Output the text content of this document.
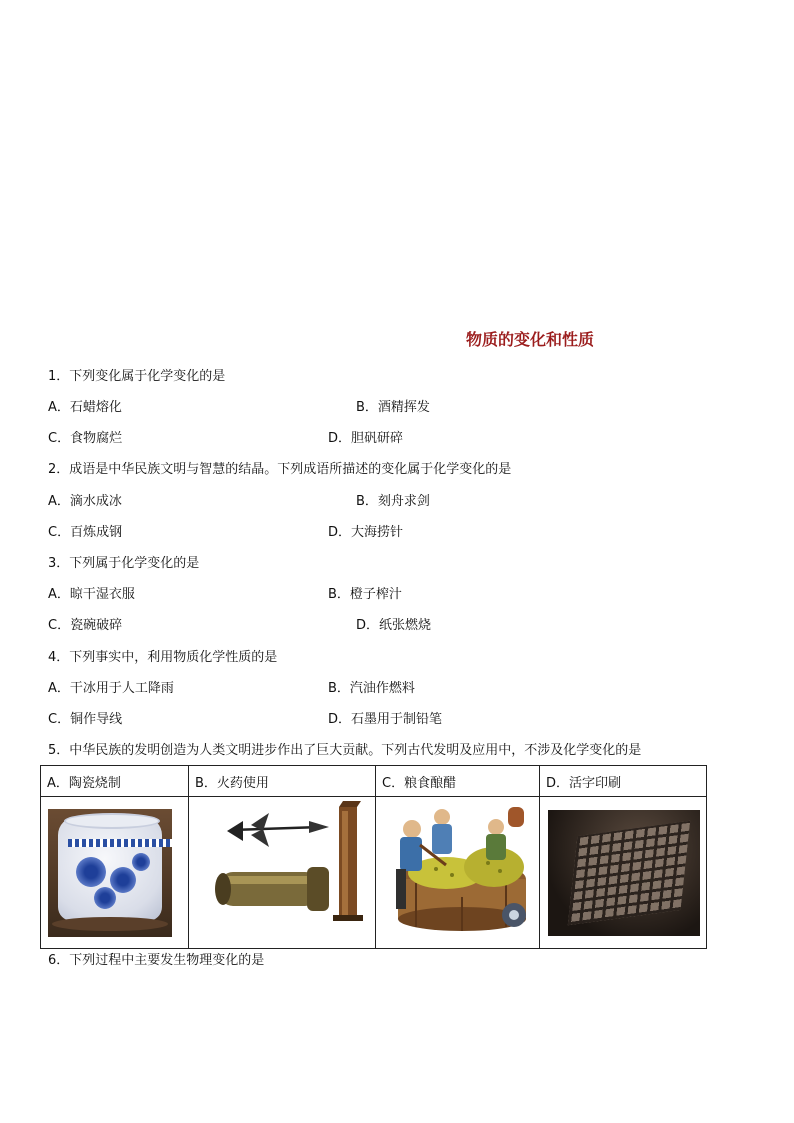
物质的变化和性质
1．下列变化属于化学变化的是
A．石蜡熔化	B．酒精挥发
C．食物腐烂	D．胆矾研碎
2．成语是中华民族文明与智慧的结晶。下列成语所描述的变化属于化学变化的是
A．滴水成冰	B．刻舟求剑
C．百炼成钢	D．大海捞针
3．下列属于化学变化的是
A．晾干湿衣服	B．橙子榨汁
C．瓷碗破碎	D．纸张燃烧
4．下列事实中，利用物质化学性质的是
A．干冰用于人工降雨	B．汽油作燃料
C．铜作导线	D．石墨用于制铅笔
5．中华民族的发明创造为人类文明进步作出了巨大贡献。下列古代发明及应用中，不涉及化学变化的是
A．陶瓷烧制	B．火药使用	C．粮食酿醋	D．活字印刷

6．下列过程中主要发生物理变化的是
